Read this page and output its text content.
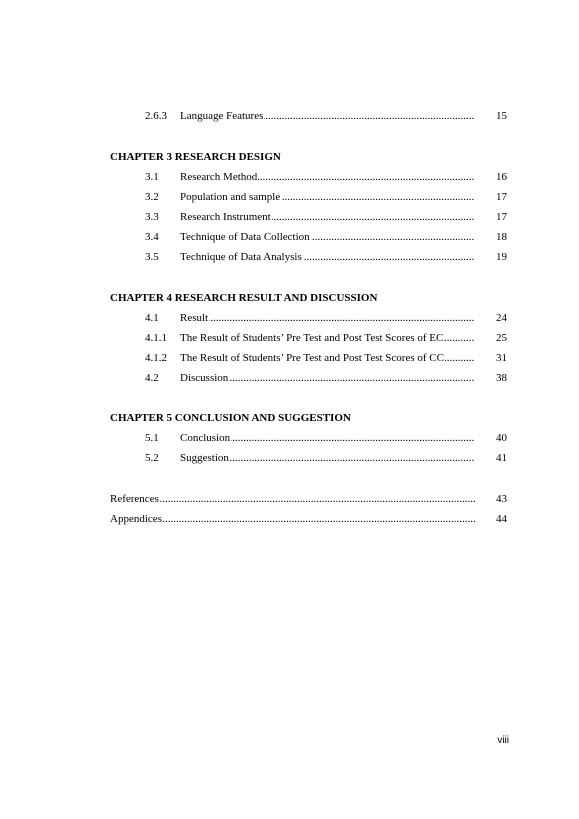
2.6.3 Language Features .....	15
CHAPTER 3 RESEARCH DESIGN
3.1 Research Method .....	16
3.2 Population and sample .....	17
3.3 Research Instrument .....	17
3.4 Technique of Data Collection .....	18
3.5 Technique of Data Analysis .....	19
CHAPTER 4 RESEARCH RESULT AND DISCUSSION
4.1 Result .....	24
4.1.1 The Result of Students’ Pre Test and Post Test Scores of EC .....	25
4.1.2 The Result of Students’ Pre Test and Post Test Scores of CC .....	31
4.2 Discussion .....	38
CHAPTER 5 CONCLUSION AND SUGGESTION
5.1 Conclusion .....	40
5.2 Suggestion .....	41
References .....	43
Appendices .....	44
viii
